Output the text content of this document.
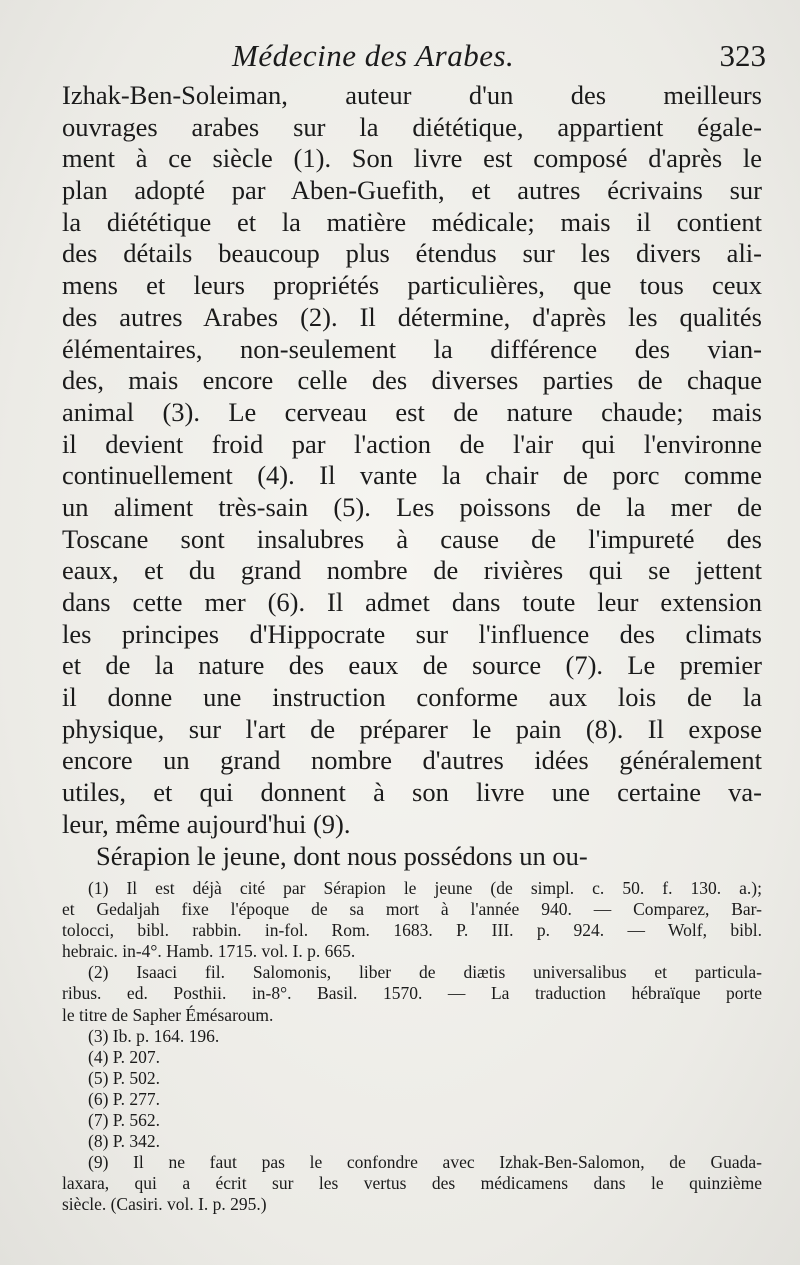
Médecine des Arabes.	323
Izhak-Ben-Soleiman, auteur d'un des meilleurs
ouvrages arabes sur la diététique, appartient égale-
ment à ce siècle (1). Son livre est composé d'après le
plan adopté par Aben-Guefith, et autres écrivains sur
la diététique et la matière médicale; mais il contient
des détails beaucoup plus étendus sur les divers ali-
mens et leurs propriétés particulières, que tous ceux
des autres Arabes (2). Il détermine, d'après les qualités
élémentaires, non-seulement la différence des vian-
des, mais encore celle des diverses parties de chaque
animal (3). Le cerveau est de nature chaude; mais
il devient froid par l'action de l'air qui l'environne
continuellement (4). Il vante la chair de porc comme
un aliment très-sain (5). Les poissons de la mer de
Toscane sont insalubres à cause de l'impureté des
eaux, et du grand nombre de rivières qui se jettent
dans cette mer (6). Il admet dans toute leur extension
les principes d'Hippocrate sur l'influence des climats
et de la nature des eaux de source (7). Le premier
il donne une instruction conforme aux lois de la
physique, sur l'art de préparer le pain (8). Il expose
encore un grand nombre d'autres idées généralement
utiles, et qui donnent à son livre une certaine va-
leur, même aujourd'hui (9).
Sérapion le jeune, dont nous possédons un ou-
(1) Il est déjà cité par Sérapion le jeune (de simpl. c. 50. f. 130. a.);
et Gedaljah fixe l'époque de sa mort à l'année 940. — Comparez, Bar-
tolocci, bibl. rabbin. in-fol. Rom. 1683. P. III. p. 924. — Wolf, bibl.
hebraic. in-4°. Hamb. 1715. vol. I. p. 665.
(2) Isaaci fil. Salomonis, liber de diætis universalibus et particula-
ribus. ed. Posthii. in-8°. Basil. 1570. — La traduction hébraïque porte
le titre de Sapher Émésaroum.
(3) Ib. p. 164. 196.
(4) P. 207.
(5) P. 502.
(6) P. 277.
(7) P. 562.
(8) P. 342.
(9) Il ne faut pas le confondre avec Izhak-Ben-Salomon, de Guada-
laxara, qui a écrit sur les vertus des médicamens dans le quinzième
siècle. (Casiri. vol. I. p. 295.)
